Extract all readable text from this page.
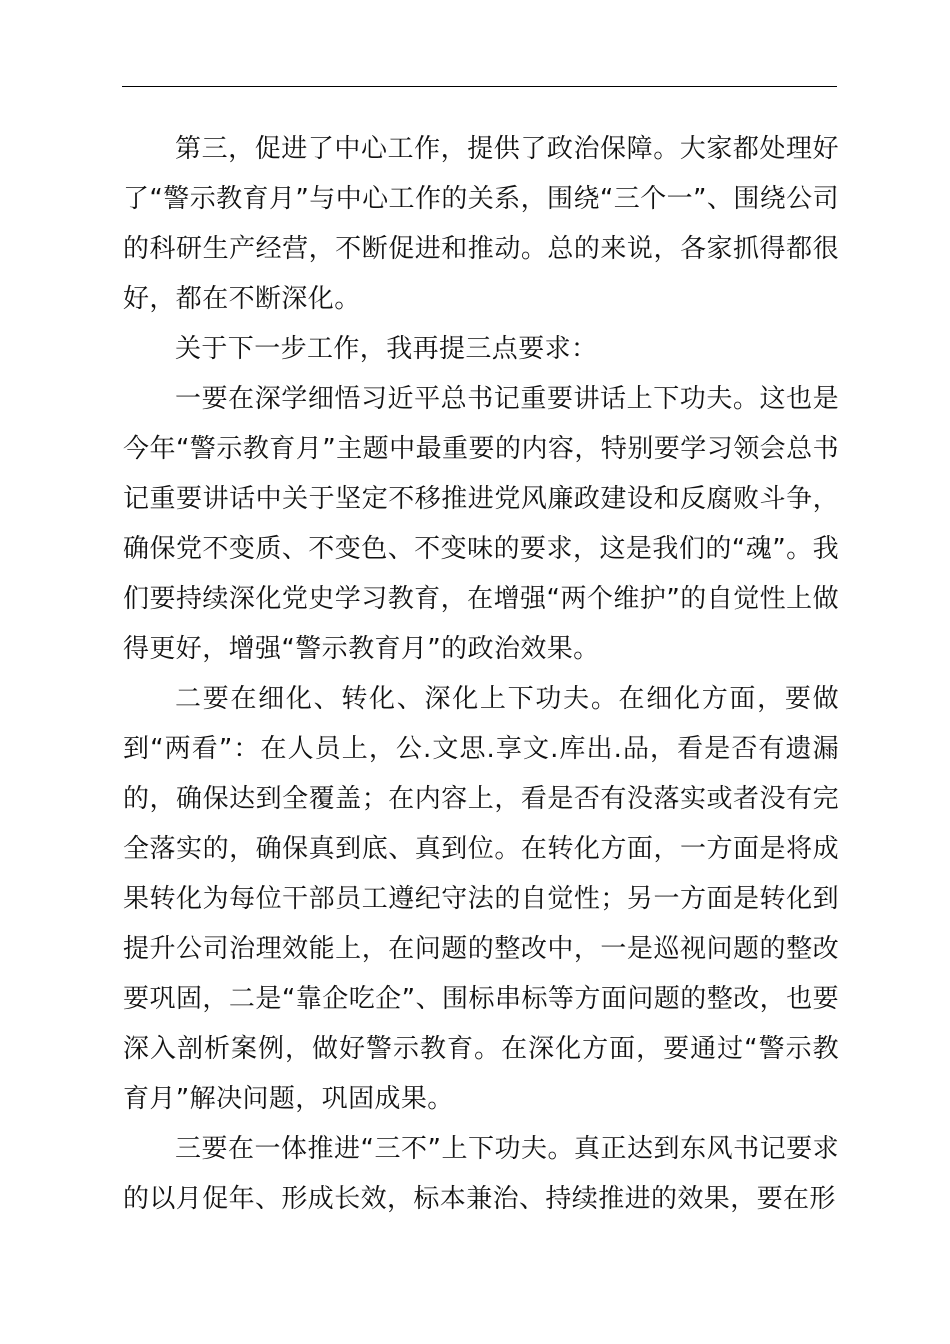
第三，促进了中心工作，提供了政治保障。大家都处理好了“警示教育月”与中心工作的关系，围绕“三个一”、围绕公司的科研生产经营，不断促进和推动。总的来说，各家抓得都很好，都在不断深化。

关于下一步工作，我再提三点要求：

一要在深学细悟习近平总书记重要讲话上下功夫。这也是今年“警示教育月”主题中最重要的内容，特别要学习领会总书记重要讲话中关于坚定不移推进党风廉政建设和反腐败斗争，确保党不变质、不变色、不变味的要求，这是我们的“魂”。我们要持续深化党史学习教育，在增强“两个维护”的自觉性上做得更好，增强“警示教育月”的政治效果。

二要在细化、转化、深化上下功夫。在细化方面，要做到“两看”：在人员上，公.文思.享文.库出.品，看是否有遗漏的，确保达到全覆盖；在内容上，看是否有没落实或者没有完全落实的，确保真到底、真到位。在转化方面，一方面是将成果转化为每位干部员工遵纪守法的自觉性；另一方面是转化到提升公司治理效能上，在问题的整改中，一是巡视问题的整改要巩固，二是“靠企吃企”、围标串标等方面问题的整改，也要深入剖析案例，做好警示教育。在深化方面，要通过“警示教育月”解决问题，巩固成果。

三要在一体推进“三不”上下功夫。真正达到东风书记要求的以月促年、形成长效，标本兼治、持续推进的效果，要在形
